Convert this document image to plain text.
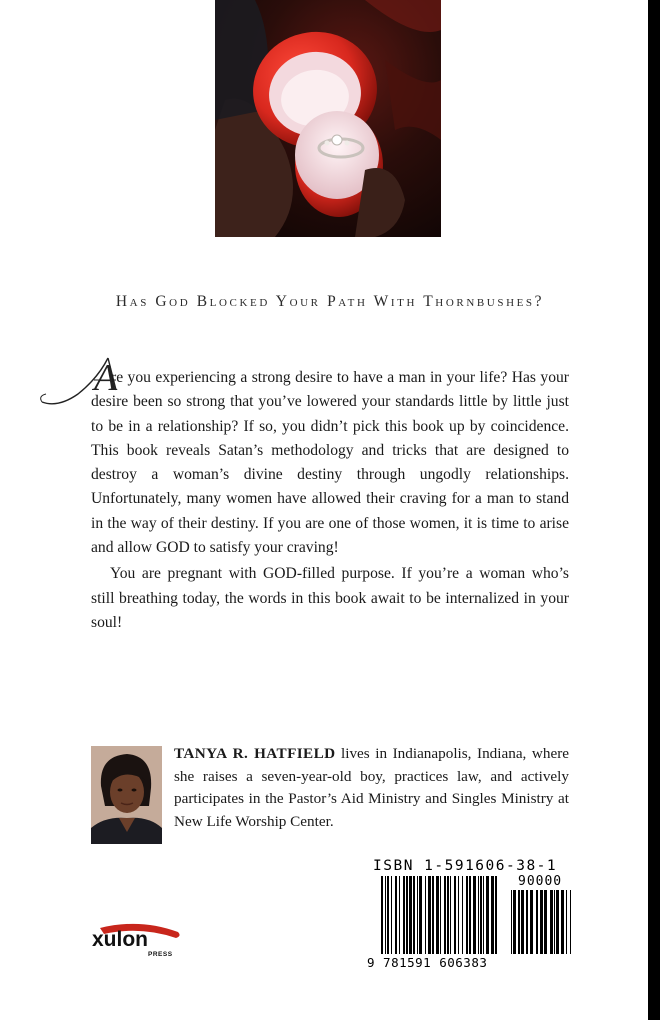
Has God Blocked Your Path With Thornbushes?
A

re you experiencing a strong desire to have a man in your life? Has your desire been so strong that you’ve lowered your standards little by little just to be in a relationship? If so, you didn’t pick this book up by coincidence. This book reveals Satan’s methodology and tricks that are designed to destroy a woman’s divine destiny through ungodly relationships. Unfortunately, many women have allowed their craving for a man to stand in the way of their destiny. If you are one of those women, it is time to arise and allow GOD to satisfy your craving!

You are pregnant with GOD-filled purpose. If you’re a woman who’s still breathing today, the words in this book await to be internalized in your soul!

TANYA R. HATFIELD lives in Indianapolis, Indiana, where she raises a seven-year-old boy, practices law, and actively participates in the Pastor’s Aid Ministry and Singles Ministry at New Life Worship Center.
xulon
PRESS
ISBN 1-591606-38-1
90000
9 781591 606383
